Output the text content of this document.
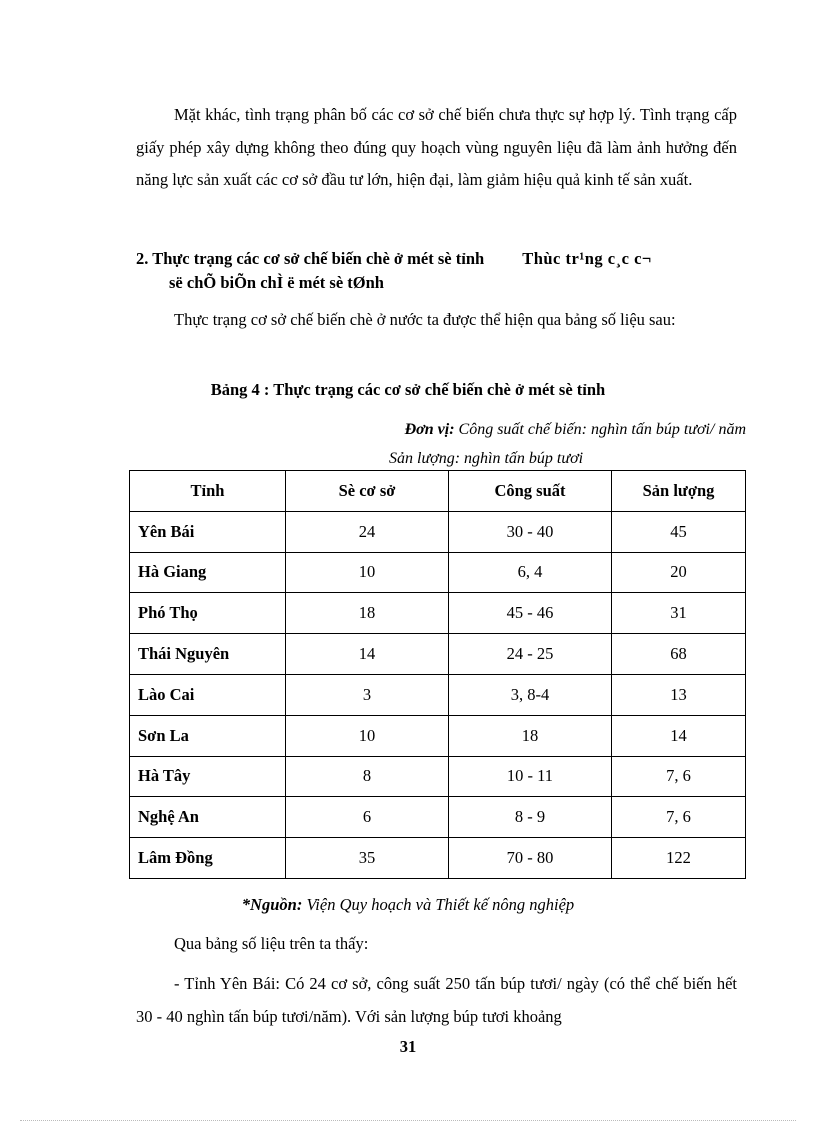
Mặt khác, tình trạng phân bố các cơ sở chế biến chưa thực sự hợp lý. Tình trạng cấp giấy phép xây dựng không theo đúng quy hoạch vùng nguyên liệu đã làm ảnh hưởng đến năng lực sản xuất các cơ sở đầu tư lớn, hiện đại, làm giảm hiệu quả kinh tế sản xuất.

2. Thực trạng các cơ sở chế biến chè ở mét sè tỉnh Thùc tr¹ng c¸c c¬
së chÕ biÕn chÌ ë mét sè tØnh

Thực trạng cơ sở chế biến chè ở nước ta được thể hiện qua bảng số liệu sau:

Bảng 4 : Thực trạng các cơ sở chế biến chè ở mét sè tỉnh

Đơn vị: Công suất chế biến: nghìn tấn búp tươi/ năm

Sản lượng: nghìn tấn búp tươi

Tỉnh	Sè cơ sở	Công suất	Sản lượng
Yên Bái	24	30 - 40	45
Hà Giang	10	6, 4	20
Phó Thọ	18	45 - 46	31
Thái Nguyên	14	24 - 25	68
Lào Cai	3	3, 8-4	13
Sơn La	10	18	14
Hà Tây	8	10 - 11	7, 6
Nghệ An	6	8 - 9	7, 6
Lâm Đồng	35	70 - 80	122

*Nguồn: Viện Quy hoạch và Thiết kế nông nghiệp

Qua bảng số liệu trên ta thấy:

- Tỉnh Yên Bái: Có 24 cơ sở, công suất 250 tấn búp tươi/ ngày (có thể chế biến hết 30 - 40 nghìn tấn búp tươi/năm). Với sản lượng búp tươi khoảng

31
